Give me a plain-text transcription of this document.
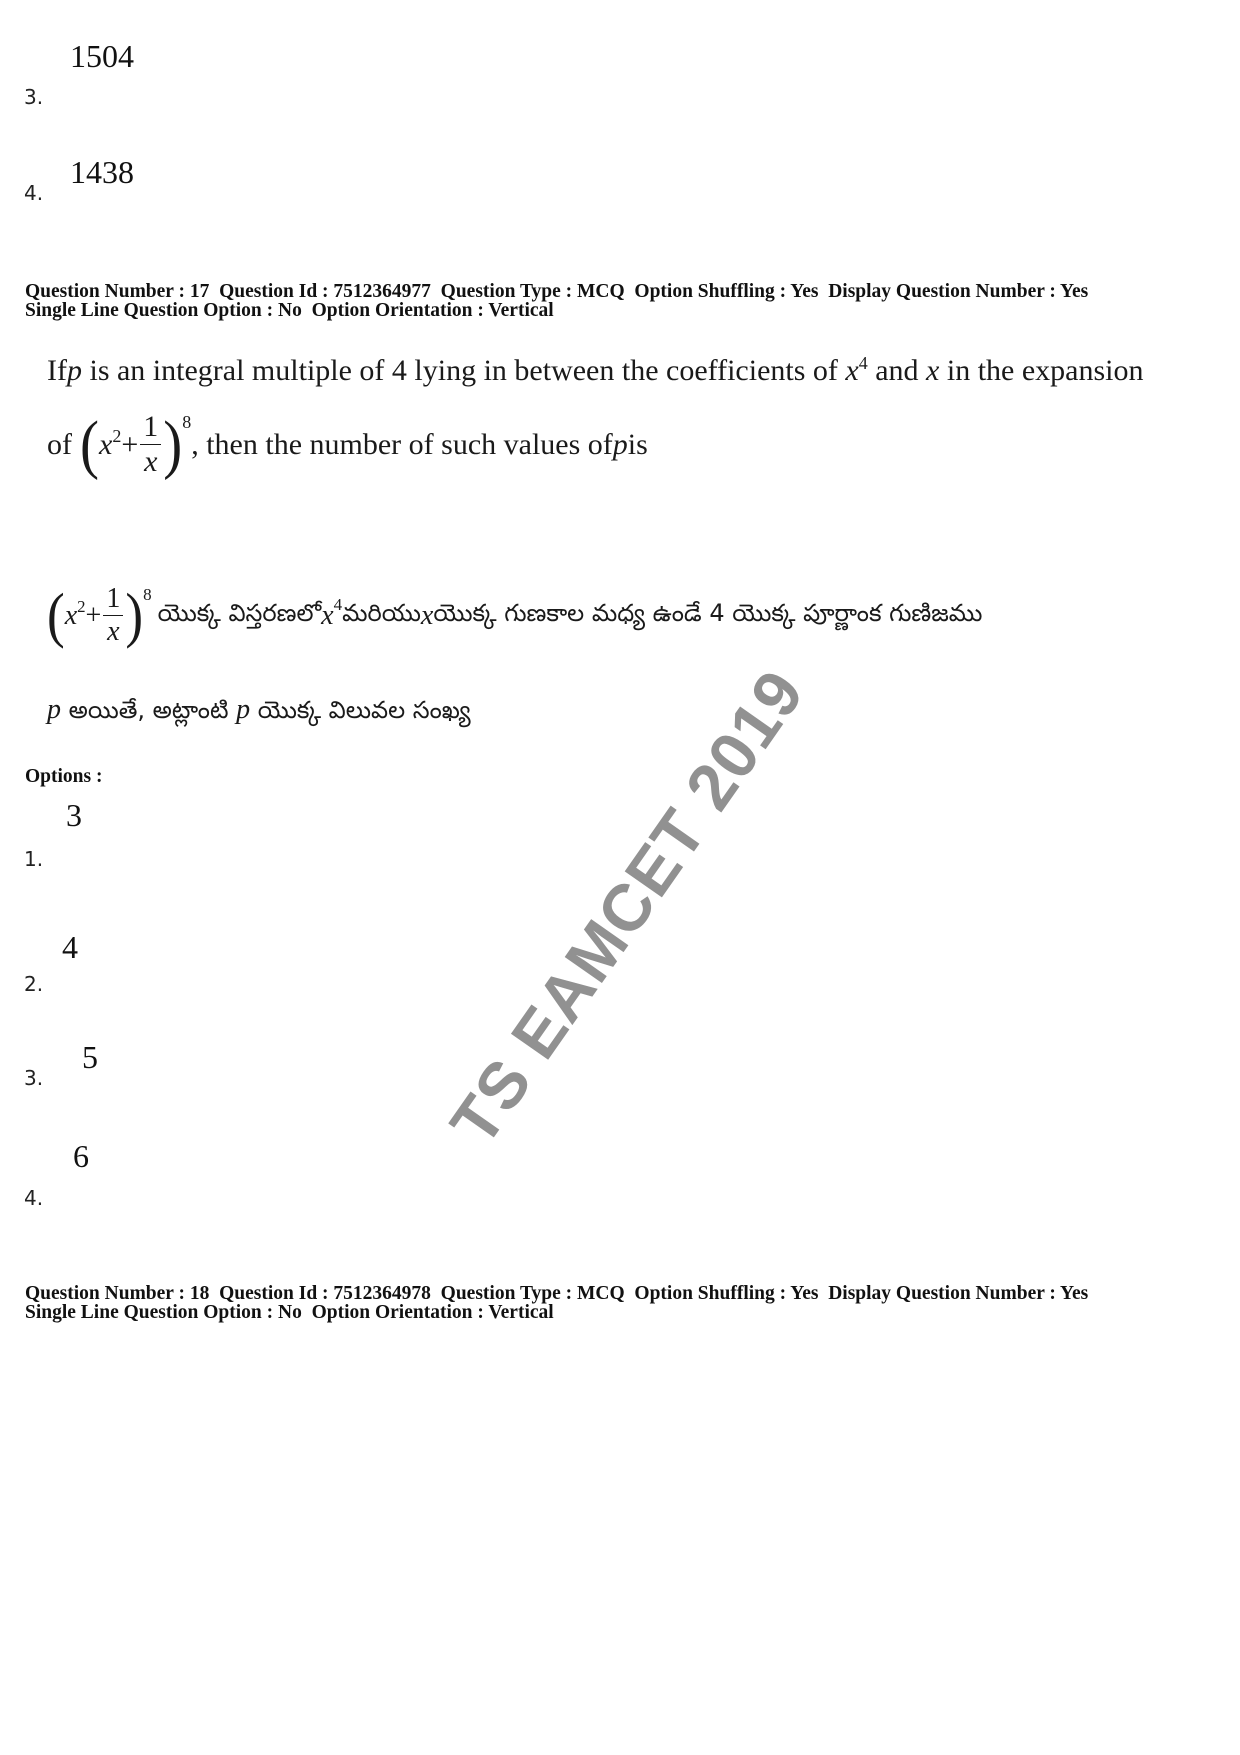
1504
3.
1438
4.
Question Number : 17  Question Id : 7512364977  Question Type : MCQ  Option Shuffling : Yes  Display Question Number : Yes
Single Line Question Option : No  Option Orientation : Vertical
Ifp is an integral multiple of 4 lying in between the coefficients of $x^4$ and x in the expansion
of ( $x^2 + \frac{1}{x}$ ) 8
, then the number of such values of p is
( $x^2 + \frac{1}{x}$ ) 8
యొక్క విస్తరణలో $x^4$ మరియు x యొక్క గుణకాల మధ్య ఉండే 4 యొక్క పూర్ణాంక గుణిజము
p అయితే, అట్లాంటి p యొక్క విలువల సంఖ్య
Options :
3
1.
4
2.
5
3.
6
4.
Question Number : 18  Question Id : 7512364978  Question Type : MCQ  Option Shuffling : Yes  Display Question Number : Yes
Single Line Question Option : No  Option Orientation : Vertical
TS EAMCET 2019
